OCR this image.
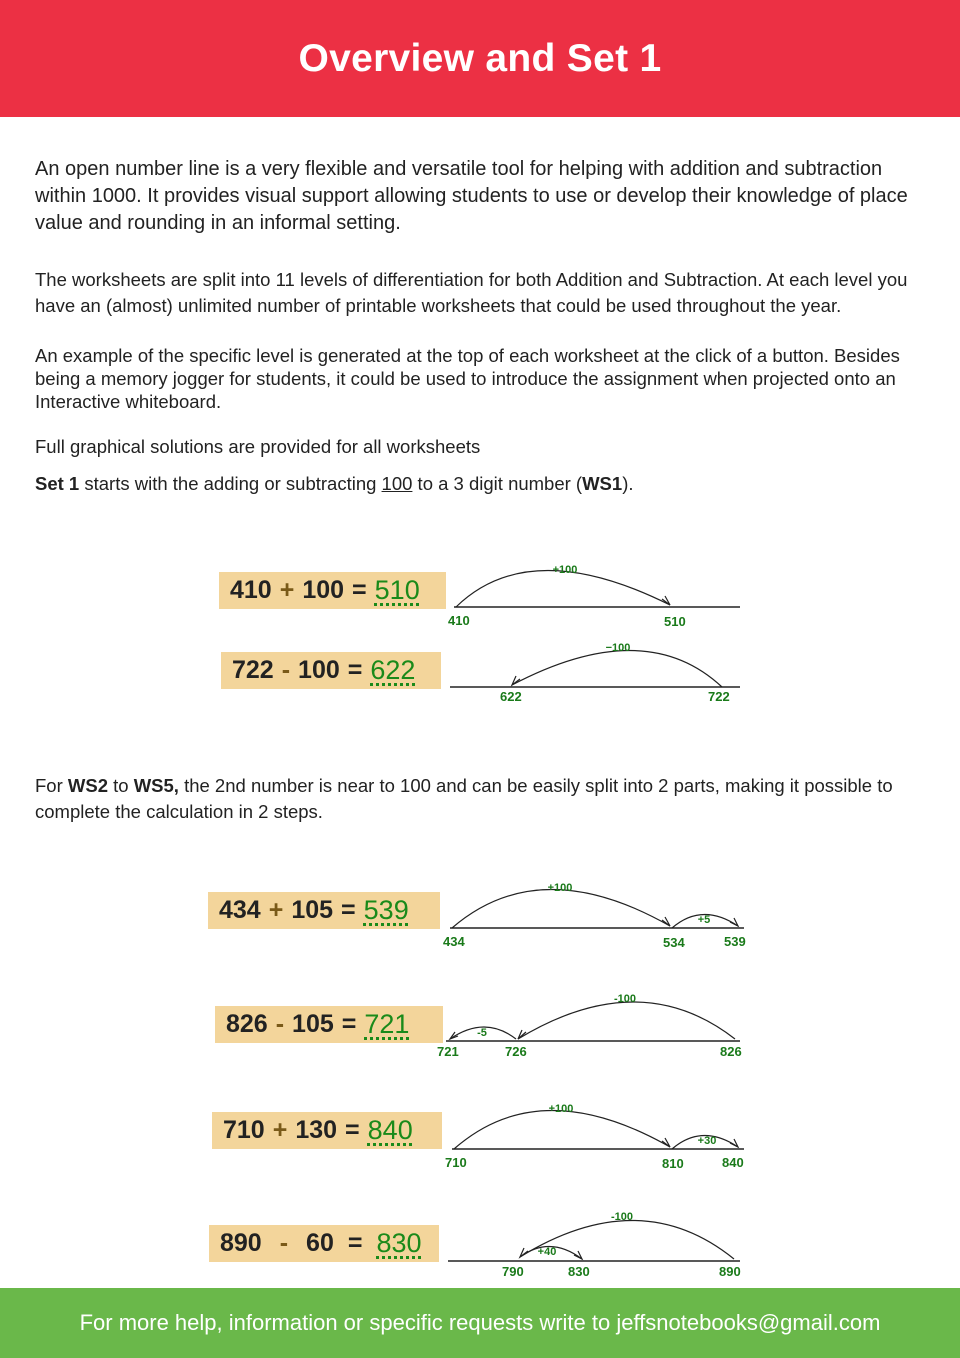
Overview and Set 1

An open number line is a very flexible and versatile tool for helping with addition and subtraction within 1000. It provides visual support allowing students to use or develop their knowledge of place value and rounding in an informal setting.

The worksheets are split into 11 levels of differentiation for both Addition and Subtraction. At each level you have an (almost) unlimited number of printable worksheets that could be used throughout the year.

An example of the specific level is generated at the top of each worksheet at the click of a button. Besides being a memory jogger for students, it could be used to introduce the assignment when projected onto an Interactive whiteboard.

Full graphical solutions are provided for all worksheets

Set 1 starts with the adding or subtracting 100 to a 3 digit number (WS1).

410 + 100 = 510
+100
410	510
722 - 100 = 622
−100
622	722

For WS2 to WS5, the 2nd number is near to 100 and can be easily split into 2 parts, making it possible to complete the calculation in 2 steps.

434 + 105 = 539
+100
+5
434	534	539
826 - 105 = 721
-100
-5
721	726	826
710 + 130 = 840
+100
+30
710	810	840
890 - 60 = 830
-100
+40
790	830	890
For more help, information or specific requests write to jeffsnotebooks@gmail.com
